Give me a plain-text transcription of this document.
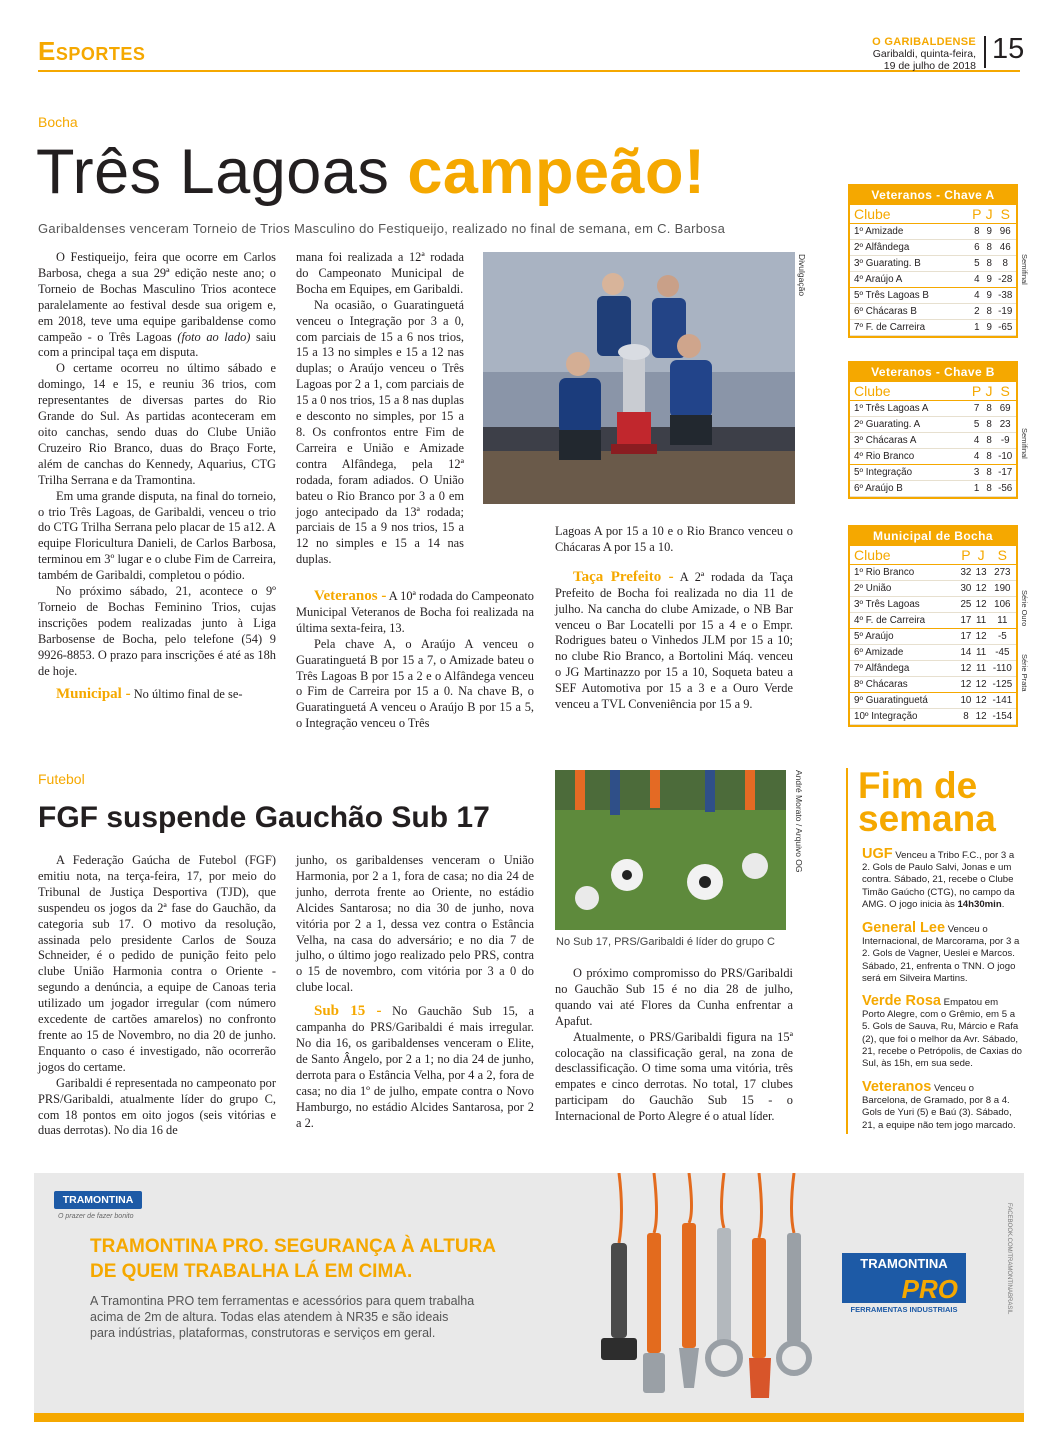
Esportes	O GARIBALDENSE
Garibaldi, quinta-feira,
19 de julho de 2018
15
Bocha
Três Lagoas campeão!
Garibaldenses venceram Torneio de Trios Masculino do Festiqueijo, realizado no final de semana, em C. Barbosa

O Festiqueijo, feira que ocorre em Carlos Barbosa, chega a sua 29ª edição neste ano; o Torneio de Bochas Masculino Trios acontece paralelamente ao festival desde sua origem e, em 2018, teve uma equipe garibaldense como campeão - o Três Lagoas (foto ao lado) saiu com a principal taça em disputa.

O certame ocorreu no último sábado e domingo, 14 e 15, e reuniu 36 trios, com representantes de diversas partes do Rio Grande do Sul. As partidas aconteceram em oito canchas, sendo duas do Clube União Cruzeiro Rio Branco, duas do Braço Forte, além de canchas do Kennedy, Aquarius, CTG Trilha Serrana e da Tramontina.

Em uma grande disputa, na final do torneio, o trio Três Lagoas, de Garibaldi, venceu o trio do CTG Trilha Serrana pelo placar de 15 a12. A equipe Floricultura Danieli, de Carlos Barbosa, terminou em 3º lugar e o clube Fim de Carreira, também de Garibaldi, completou o pódio.

No próximo sábado, 21, acontece o 9º Torneio de Bochas Feminino Trios, cujas inscrições podem realizadas junto à Liga Barbosense de Bocha, pelo telefone (54) 9 9926-8853. O prazo para inscrições é até as 18h de hoje.

Municipal - No último final de se-

mana foi realizada a 12ª rodada do Campeonato Municipal de Bocha em Equipes, em Garibaldi.

Na ocasião, o Guaratinguetá venceu o Integração por 3 a 0, com parciais de 15 a 6 nos trios, 15 a 13 no simples e 15 a 12 nas duplas; o Araújo venceu o Três Lagoas por 2 a 1, com parciais de 15 a 0 nos trios, 15 a 8 nas duplas e desconto no simples, por 15 a 8. Os confrontos entre Fim de Carreira e União e Amizade contra Alfândega, pela 12ª rodada, foram adiados. O União bateu o Rio Branco por 3 a 0 em jogo antecipado da 13ª rodada; parciais de 15 a 9 nos trios, 15 a 12 no simples e 15 a 14 nas duplas.

Veteranos - A 10ª rodada do Campeonato Municipal Veteranos de Bocha foi realizada na última sexta-feira, 13.

Pela chave A, o Araújo A venceu o Guaratinguetá B por 15 a 7, o Amizade bateu o Três Lagoas B por 15 a 2 e o Alfândega venceu o Fim de Carreira por 15 a 0. Na chave B, o Guaratinguetá A venceu o Araújo B por 15 a 5, o Integração venceu o Três

Divulgação

Lagoas A por 15 a 10 e o Rio Branco venceu o Chácaras A por 15 a 10.

Taça Prefeito - A 2ª rodada da Taça Prefeito de Bocha foi realizada no dia 11 de julho. Na cancha do clube Amizade, o NB Bar venceu o Bar Locatelli por 15 a 4 e o Empr. Rodrigues bateu o Vinhedos JLM por 15 a 10; no clube Rio Branco, a Bortolini Máq. venceu o JG Martinazzo por 15 a 10, Soqueta bateu a SEF Automotiva por 15 a 3 e a Ouro Verde venceu a TVL Conveniência por 15 a 9.

Veteranos - Chave A
Clube	P	J	S
1º Amizade	8	9	96
2º Alfândega	6	8	46
3º Guarating. B	5	8	8
4º Araújo A	4	9	-28
5º Três Lagoas B	4	9	-38
6º Chácaras B	2	8	-19
7º F. de Carreira	1	9	-65
Semifinal
Veteranos - Chave B
Clube	P	J	S
1º Três Lagoas A	7	8	69
2º Guarating. A	5	8	23
3º Chácaras A	4	8	-9
4º Rio Branco	4	8	-10
5º Integração	3	8	-17
6º Araújo B	1	8	-56
Semifinal
Municipal de Bocha
Clube	P	J	S
1º Rio Branco	32	13	273
2º União	30	12	190
3º Três Lagoas	25	12	106
4º F. de Carreira	17	11	11
5º Araújo	17	12	-5
6º Amizade	14	11	-45
7º Alfândega	12	11	-110
8º Chácaras	12	12	-125
9º Guaratinguetá	10	12	-141
10º Integração	8	12	-154
Série Ouro
Série Prata
Futebol
FGF suspende Gauchão Sub 17

A Federação Gaúcha de Futebol (FGF) emitiu nota, na terça-feira, 17, por meio do Tribunal de Justiça Desportiva (TJD), que suspendeu os jogos da 2ª fase do Gauchão, da categoria sub 17. O motivo da resolução, assinada pelo presidente Carlos de Souza Schneider, é o pedido de punição feito pelo clube União Harmonia contra o Oriente - segundo a denúncia, a equipe de Canoas teria utilizado um jogador irregular (com número excedente de cartões amarelos) no confronto frente ao 15 de Novembro, no dia 20 de junho. Enquanto o caso é investigado, não ocorrerão jogos do certame.

Garibaldi é representada no campeonato por PRS/Garibaldi, atualmente líder do grupo C, com 18 pontos em oito jogos (seis vitórias e duas derrotas). No dia 16 de

junho, os garibaldenses venceram o União Harmonia, por 2 a 1, fora de casa; no dia 24 de junho, derrota frente ao Oriente, no estádio Alcides Santarosa; no dia 30 de junho, nova vitória por 2 a 1, dessa vez contra o Estância Velha, na casa do adversário; e no dia 7 de julho, o último jogo realizado pelo PRS, contra o 15 de novembro, com vitória por 3 a 0 do clube local.

Sub 15 - No Gauchão Sub 15, a campanha do PRS/Garibaldi é mais irregular. No dia 16, os garibaldenses venceram o Elite, de Santo Ângelo, por 2 a 1; no dia 24 de junho, derrota para o Estância Velha, por 4 a 2, fora de casa; no dia 1º de julho, empate contra o Novo Hamburgo, no estádio Alcides Santarosa, por 2 a 2.

André Morato / Arquivo OG
No Sub 17, PRS/Garibaldi é líder do grupo C

O próximo compromisso do PRS/Garibaldi no Gauchão Sub 15 é no dia 28 de julho, quando vai até Flores da Cunha enfrentar a Apafut.

Atualmente, o PRS/Garibaldi figura na 15ª colocação na classificação geral, na zona de desclassificação. O time soma uma vitória, três empates e cinco derrotas. No total, 17 clubes participam do Gauchão Sub 15 - o Internacional de Porto Alegre é o atual líder.

Fim de
semana
UGF Venceu a Tribo F.C., por 3 a 2. Gols de Paulo Salvi, Jonas e um contra. Sábado, 21, recebe o Clube Timão Gaúcho (CTG), no campo da AMG. O jogo inicia às 14h30min.
General Lee Venceu o Internacional, de Marcorama, por 3 a 2. Gols de Vagner, Ueslei e Marcos. Sábado, 21, enfrenta o TNN. O jogo será em Silveira Martins.
Verde Rosa Empatou em Porto Alegre, com o Grêmio, em 5 a 5. Gols de Sauva, Ru, Márcio e Rafa (2), que foi o melhor da Avr. Sábado, 21, recebe o Petrópolis, de Caxias do Sul, às 15h, em sua sede.
Veteranos Venceu o Barcelona, de Gramado, por 8 a 4. Gols de Yuri (5) e Baú (3). Sábado, 21, a equipe não tem jogo marcado.
TRAMONTINA
O prazer de fazer bonito
TRAMONTINA PRO. SEGURANÇA À ALTURA
DE QUEM TRABALHA LÁ EM CIMA.
A Tramontina PRO tem ferramentas e acessórios para quem trabalha
acima de 2m de altura. Todas elas atendem à NR35 e são ideais
para indústrias, plataformas, construtoras e serviços em geral.
TRAMONTINA
PRO
FERRAMENTAS INDUSTRIAIS	FACEBOOK.COM/TRAMONTINABRASIL
